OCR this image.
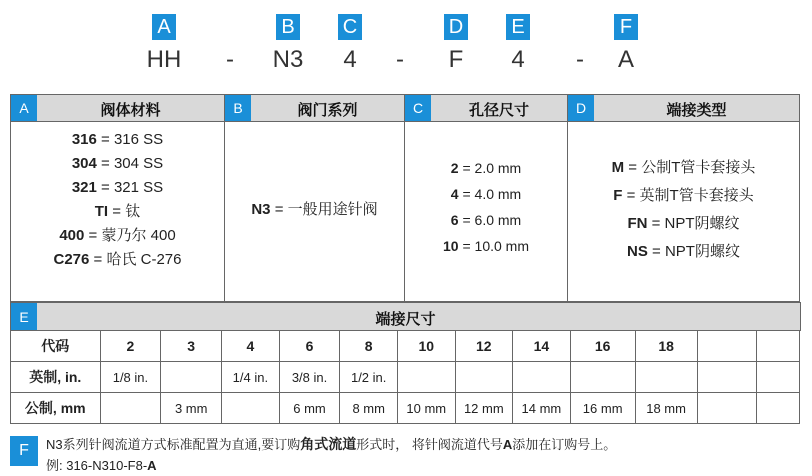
A	B C	D E	F
HH	-	N3	4	-	F	4	-	A
A	阀体材料
316 = 316 SS
304 = 304 SS
321 = 321 SS
TI = 钛
400 = 蒙乃尔 400
C276 = 哈氏 C-276
B	阀门系列
N3 = 一般用途针阀
C	孔径尺寸
2 = 2.0 mm
4 = 4.0 mm
6 = 6.0 mm
10 = 10.0 mm
D	端接类型
M = 公制T管卡套接头
F = 英制T管卡套接头
FN = NPT阴螺纹
NS = NPT阴螺纹
E	端接尺寸
代码	2	3	4	6	8	10	12	14	16	18		
英制, in.	1/8 in.		1/4 in.	3/8 in.	1/2 in.							
公制, mm		3 mm		6 mm	8 mm	10 mm	12 mm	14 mm	16 mm	18 mm		
F	N3系列针阀流道方式标准配置为直通,要订购角式流道形式时， 将针阀流道代号A添加在订购号上。
例: 316-N310-F8-A
